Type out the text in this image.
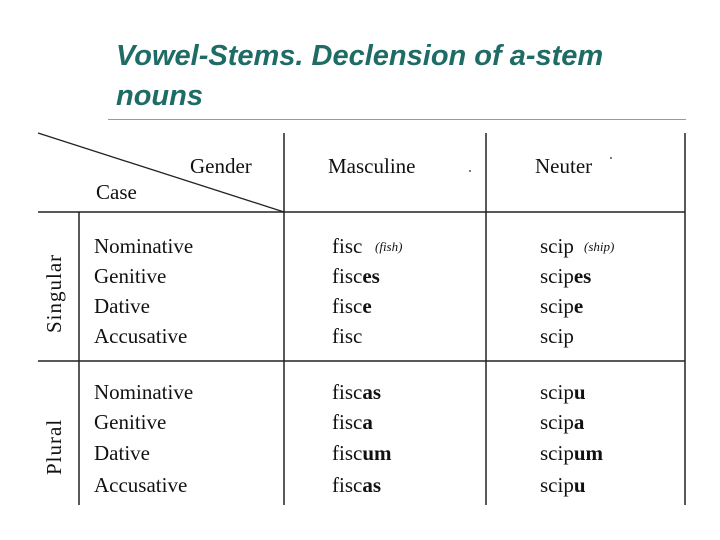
Vowel-Stems. Declension of a-stem nouns
Gender
Case
Masculine	Neuter
Singular
Plural
Nominative
Genitive
Dative
Accusative
fisc (fish)
fisces
fisce
fisc
scip (ship)
scipes
scipe
scip
Nominative
Genitive
Dative
Accusative
fiscas
fisca
fiscum
fiscas
scipu
scipa
scipum
scipu
